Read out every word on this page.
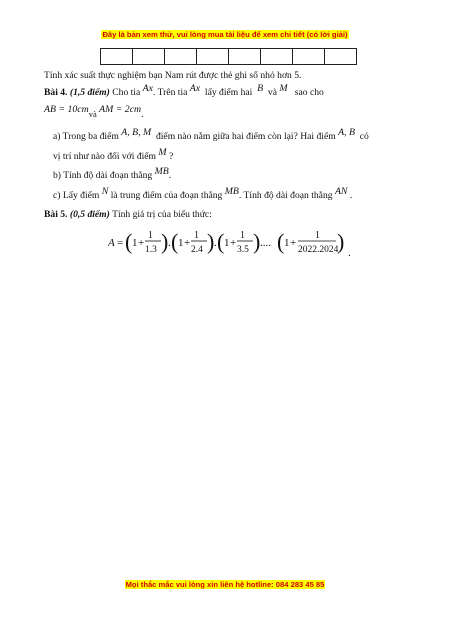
Đây là bản xem thử, vui lòng mua tài liệu để xem chi tiết (có lời giải)

Tính xác suất thực nghiệm bạn Nam rút được thẻ ghi số nhỏ hơn 5.
Bài 4. (1,5 điểm) Cho tia Ax. Trên tia Ax lấy điểm hai B và M sao cho
AB = 10cmvà AM = 2cm.
a) Trong ba điểm A, B, M điểm nào nằm giữa hai điểm còn lại? Hai điểm A, B có
vị trí như nào đối với điểm M ?
b) Tính độ dài đoạn thẳng MB.
c) Lấy điểm N là trung điểm của đoạn thẳng MB. Tính độ dài đoạn thẳng AN .
Bài 5. (0,5 điểm) Tính giá trị của biểu thức:
A = ( 1 +
1
1.3 ) . ( 1 +
1
2.4 ) . ( 1 +
1
3.5 ) .... ( 1 +
1
2022.2024
) .
Mọi thắc mắc vui lòng xin liên hệ hotline: 084 283 45 85
